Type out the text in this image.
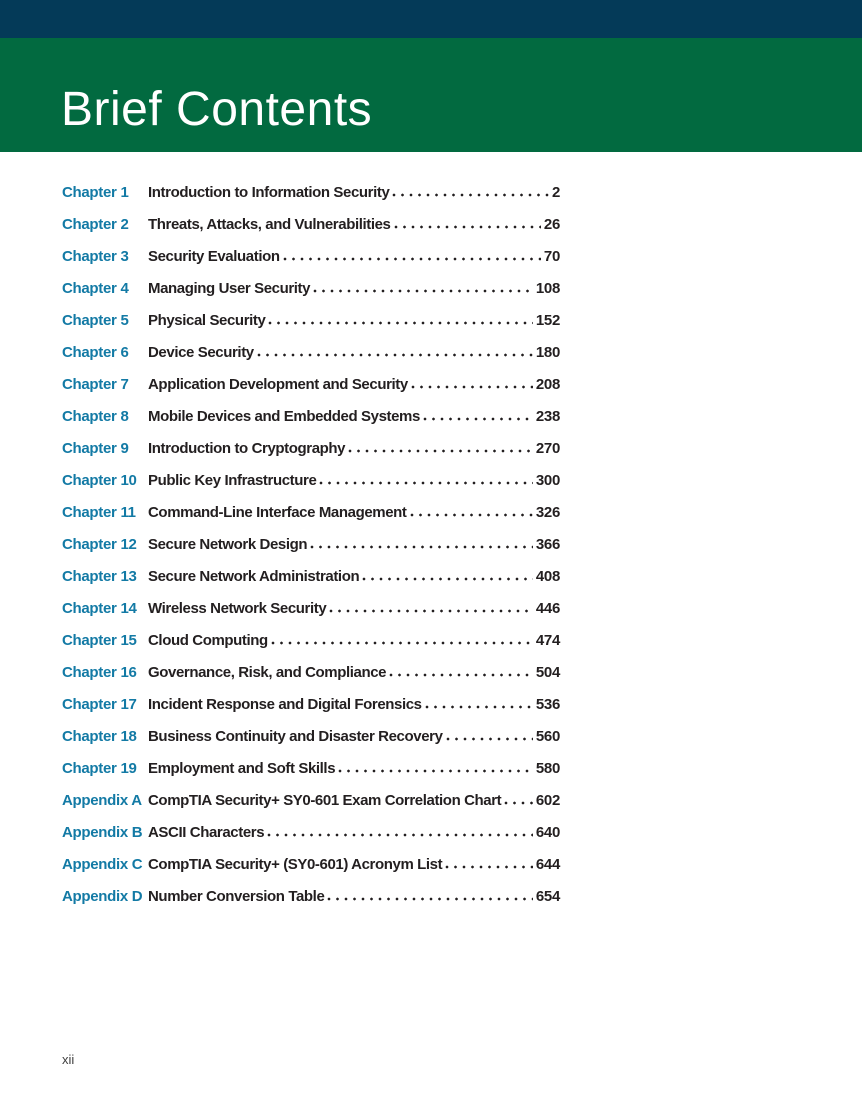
Brief Contents
Chapter 1	Introduction to Information Security	2
Chapter 2	Threats, Attacks, and Vulnerabilities	26
Chapter 3	Security Evaluation	70
Chapter 4	Managing User Security	108
Chapter 5	Physical Security	152
Chapter 6	Device Security	180
Chapter 7	Application Development and Security	208
Chapter 8	Mobile Devices and Embedded Systems	238
Chapter 9	Introduction to Cryptography	270
Chapter 10 Public Key Infrastructure	300
Chapter 11 Command-Line Interface Management	326
Chapter 12 Secure Network Design	366
Chapter 13 Secure Network Administration	408
Chapter 14 Wireless Network Security	446
Chapter 15 Cloud Computing	474
Chapter 16 Governance, Risk, and Compliance	504
Chapter 17 Incident Response and Digital Forensics	536
Chapter 18 Business Continuity and Disaster Recovery	560
Chapter 19 Employment and Soft Skills	580
Appendix A CompTIA Security+ SY0-601 Exam Correlation Chart 602
Appendix B ASCII Characters	640
Appendix C CompTIA Security+ (SY0-601) Acronym List	644
Appendix D Number Conversion Table	654
xii
